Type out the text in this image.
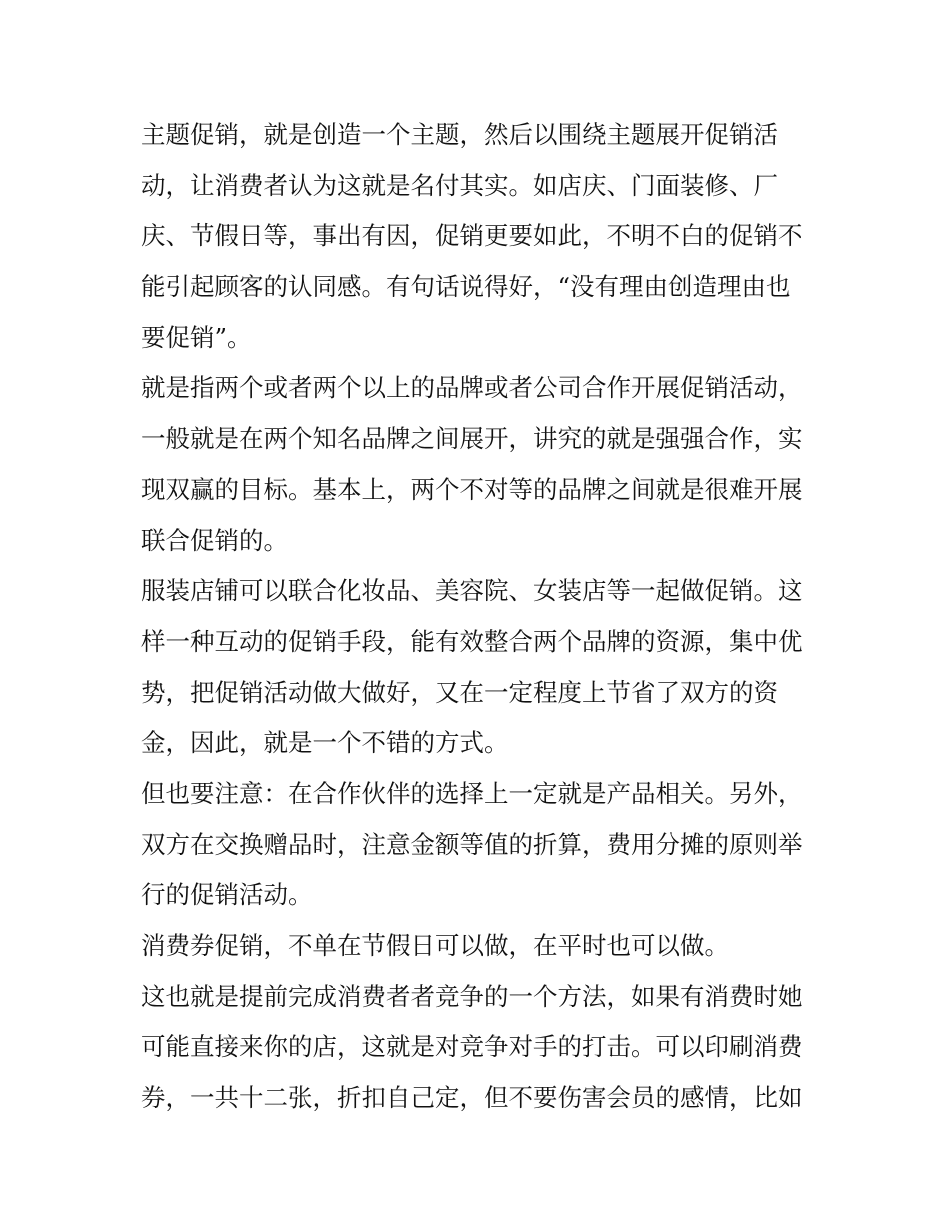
主题促销，就是创造一个主题，然后以围绕主题展开促销活
动，让消费者认为这就是名付其实。如店庆、门面装修、厂
庆、节假日等，事出有因，促销更要如此，不明不白的促销不
能引起顾客的认同感。有句话说得好，“没有理由创造理由也
要促销”。
就是指两个或者两个以上的品牌或者公司合作开展促销活动，
一般就是在两个知名品牌之间展开，讲究的就是强强合作，实
现双赢的目标。基本上，两个不对等的品牌之间就是很难开展
联合促销的。
服装店铺可以联合化妆品、美容院、女装店等一起做促销。这
样一种互动的促销手段，能有效整合两个品牌的资源，集中优
势，把促销活动做大做好，又在一定程度上节省了双方的资
金，因此，就是一个不错的方式。
但也要注意：在合作伙伴的选择上一定就是产品相关。另外，
双方在交换赠品时，注意金额等值的折算，费用分摊的原则举
行的促销活动。
消费券促销，不单在节假日可以做，在平时也可以做。
这也就是提前完成消费者者竞争的一个方法，如果有消费时她
可能直接来你的店，这就是对竞争对手的打击。可以印刷消费
券，一共十二张，折扣自己定，但不要伤害会员的感情，比如
